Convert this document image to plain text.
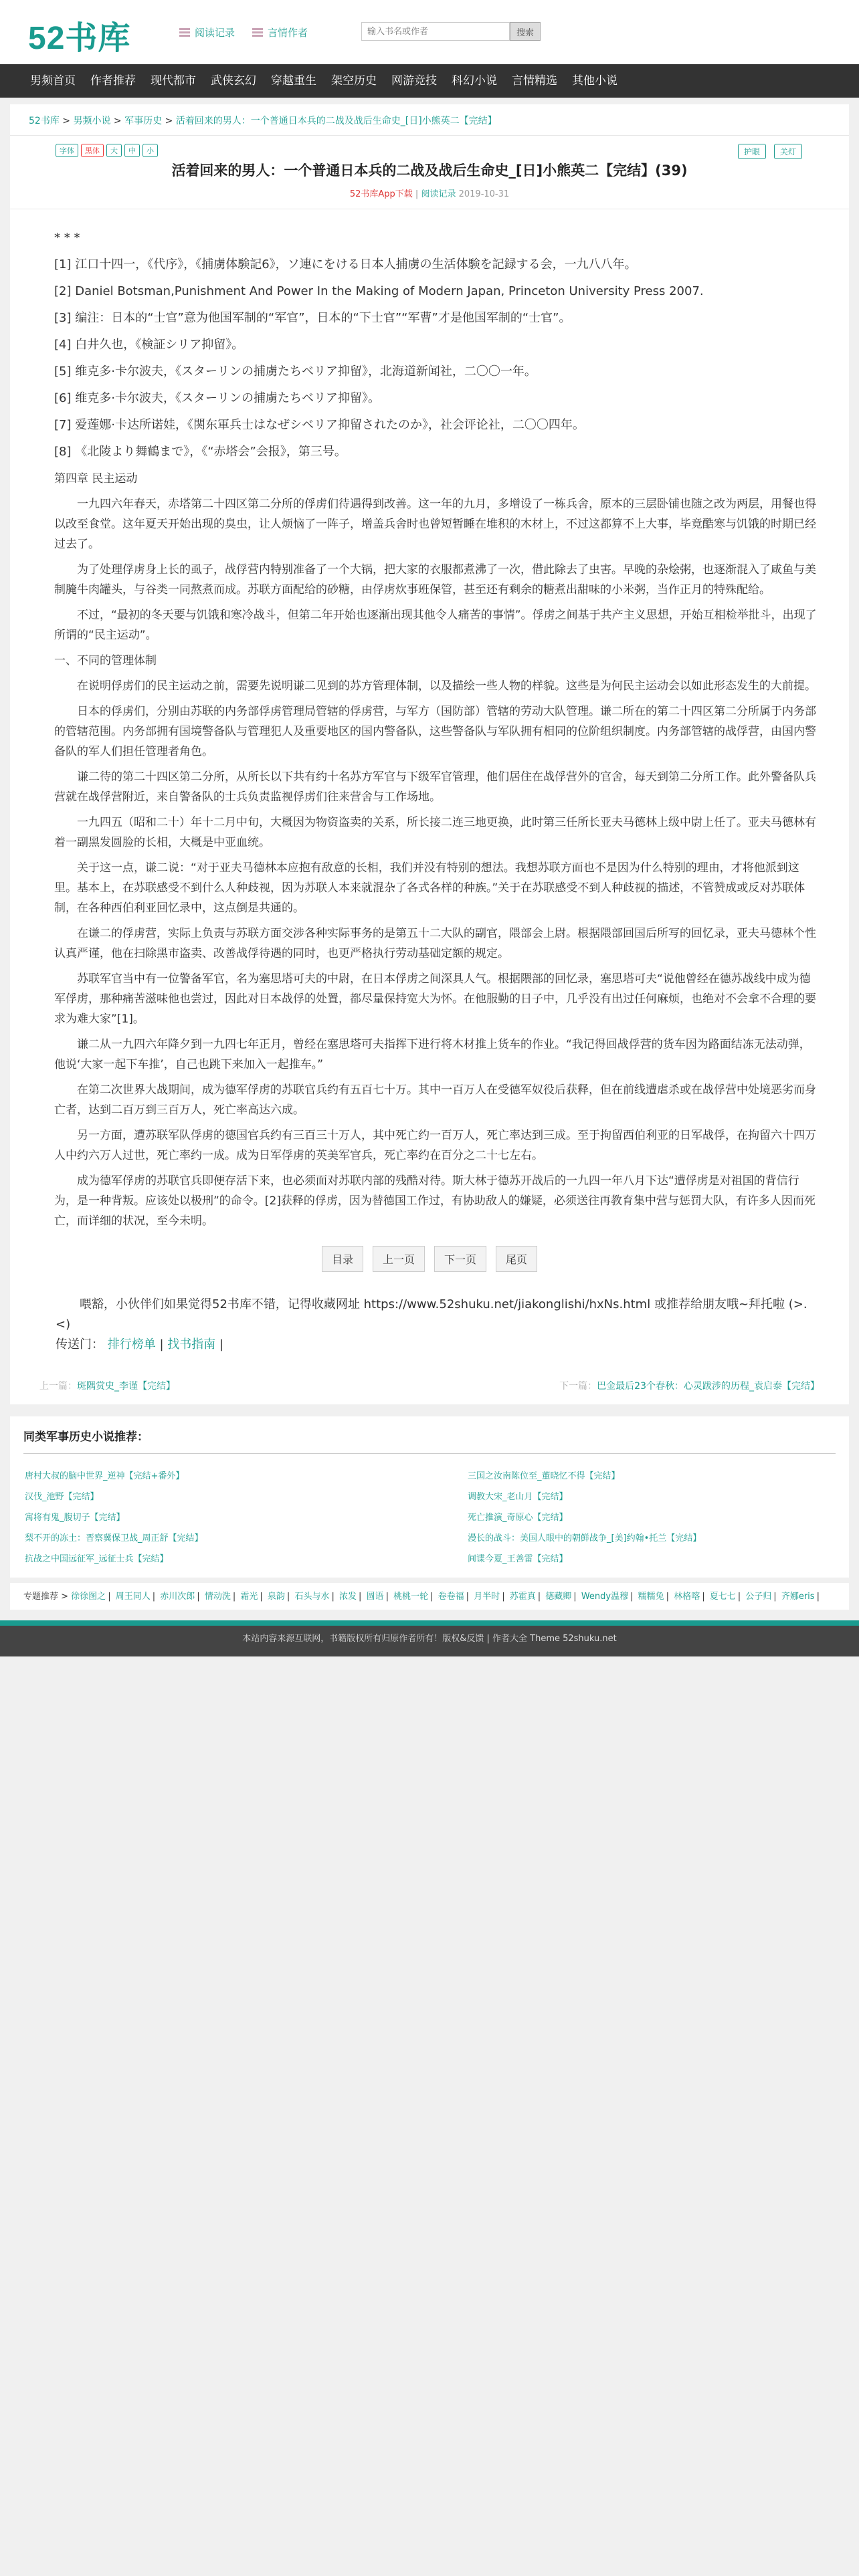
52书库	阅读记录	言情作者
输入书名或作者	搜索
男频首页	作者推荐	现代都市	武侠玄幻	穿越重生	架空历史	网游竞技	科幻小说	言情精选	其他小说
52书库 > 男频小说 > 军事历史 > 活着回来的男人：一个普通日本兵的二战及战后生命史_[日]小熊英二【完结】
字体	黑体	大	中	小	护眼	关灯
活着回来的男人：一个普通日本兵的二战及战后生命史_[日]小熊英二【完结】(39)
52书库App下载 | 阅读记录 2019-10-31

* * *

[1] 江口十四一，《代序》，《捕虜体験記6》，ソ連にをける日本人捕虜の生活体験を記録する会，一九八八年。

[2] Daniel Botsman,Punishment And Power In the Making of Modern Japan, Princeton University Press 2007.

[3] 编注：日本的“士官”意为他国军制的“军官”，日本的“下士官”“军曹”才是他国军制的“士官”。

[4] 白井久也，《検証シリア抑留》。

[5] 维克多·卡尔波夫，《スターリンの捕虜たちベリア抑留》，北海道新闻社，二〇〇一年。

[6] 维克多·卡尔波夫，《スターリンの捕虜たちベリア抑留》。

[7] 爱莲娜·卡达所诺娃，《関东軍兵士はなぜシベリア抑留されたのか》，社会评论社，二〇〇四年。

[8] 《北陵より舞鶴まで》，《“赤塔会”会报》，第三号。

第四章 民主运动

一九四六年春天，赤塔第二十四区第二分所的俘虏们待遇得到改善。这一年的九月，多增设了一栋兵舍，原本的三层卧铺也随之改为两层，用餐也得以改至食堂。这年夏天开始出现的臭虫，让人烦恼了一阵子，增盖兵舍时也曾短暂睡在堆积的木材上，不过这都算不上大事，毕竟酷寒与饥饿的时期已经过去了。

为了处理俘虏身上长的虱子，战俘营内特别准备了一个大锅，把大家的衣服都煮沸了一次，借此除去了虫害。早晚的杂烩粥，也逐渐混入了咸鱼与美制腌牛肉罐头，与谷类一同熬煮而成。苏联方面配给的砂糖，由俘虏炊事班保管，甚至还有剩余的糖煮出甜味的小米粥，当作正月的特殊配给。

不过，“最初的冬天要与饥饿和寒冷战斗，但第二年开始也逐渐出现其他令人痛苦的事情”。俘虏之间基于共产主义思想，开始互相检举批斗，出现了所谓的“民主运动”。

一、不同的管理体制

在说明俘虏们的民主运动之前，需要先说明谦二见到的苏方管理体制，以及描绘一些人物的样貌。这些是为何民主运动会以如此形态发生的大前提。

日本的俘虏们，分别由苏联的内务部俘虏管理局管辖的俘虏营，与军方（国防部）管辖的劳动大队管理。谦二所在的第二十四区第二分所属于内务部的管辖范围。内务部拥有国境警备队与管理犯人及重要地区的国内警备队，这些警备队与军队拥有相同的位阶组织制度。内务部管辖的战俘营，由国内警备队的军人们担任管理者角色。

谦二待的第二十四区第二分所，从所长以下共有约十名苏方军官与下级军官管理，他们居住在战俘营外的官舍，每天到第二分所工作。此外警备队兵营就在战俘营附近，来自警备队的士兵负责监视俘虏们往来营舍与工作场地。

一九四五（昭和二十）年十二月中旬，大概因为物资盗卖的关系，所长接二连三地更换，此时第三任所长亚夫马德林上级中尉上任了。亚夫马德林有着一副黑发圆脸的长相，大概是中亚血统。

关于这一点，谦二说：“对于亚夫马德林本应抱有敌意的长相，我们并没有特别的想法。我想苏联方面也不是因为什么特别的理由，才将他派到这里。基本上，在苏联感受不到什么人种歧视，因为苏联人本来就混杂了各式各样的种族。”关于在苏联感受不到人种歧视的描述，不管赞成或反对苏联体制，在各种西伯利亚回忆录中，这点倒是共通的。

在谦二的俘虏营，实际上负责与苏联方面交涉各种实际事务的是第五十二大队的副官，隈部会上尉。根据隈部回国后所写的回忆录，亚夫马德林个性认真严谨，他在扫除黑市盗卖、改善战俘待遇的同时，也更严格执行劳动基础定额的规定。

苏联军官当中有一位警备军官，名为塞思塔可夫的中尉，在日本俘虏之间深具人气。根据隈部的回忆录，塞思塔可夫“说他曾经在德苏战线中成为德军俘虏，那种痛苦滋味他也尝过，因此对日本战俘的处置，都尽量保持宽大为怀。在他服勤的日子中，几乎没有出过任何麻烦，也绝对不会拿不合理的要求为难大家”[1]。

谦二从一九四六年降夕到一九四七年正月，曾经在塞思塔可夫指挥下进行将木材推上货车的作业。“我记得回战俘营的货车因为路面结冻无法动弹，他说‘大家一起下车推’，自己也跳下来加入一起推车。”

在第二次世界大战期间，成为德军俘虏的苏联官兵约有五百七十万。其中一百万人在受德军奴役后获释，但在前线遭虐杀或在战俘营中处境恶劣而身亡者，达到二百万到三百万人，死亡率高达六成。

另一方面，遭苏联军队俘虏的德国官兵约有三百三十万人，其中死亡约一百万人，死亡率达到三成。至于拘留西伯利亚的日军战俘，在拘留六十四万人中约六万人过世，死亡率约一成。成为日军俘虏的英美军官兵，死亡率约在百分之二十七左右。

成为德军俘虏的苏联官兵即便存活下来，也必须面对苏联内部的残酷对待。斯大林于德苏开战后的一九四一年八月下达“遭俘虏是对祖国的背信行为，是一种背叛。应该处以极刑”的命令。[2]获释的俘虏，因为替德国工作过，有协助敌人的嫌疑，必须送往再教育集中营与惩罚大队，有许多人因而死亡，而详细的状况，至今未明。

目录	上一页	下一页	尾页

喂豁，小伙伴们如果觉得52书库不错，记得收藏网址 https://www.52shuku.net/jiakonglishi/hxNs.html 或推荐给朋友哦~拜托啦 (>.<)

传送门： 排行榜单 | 找书指南 |

上一篇：斑隅赏史_李谨【完结】	下一篇：巴金最后23个春秋：心灵跋涉的历程_袁启泰【完结】
同类军事历史小说推荐：
唐村大叔的脑中世界_逆神【完结+番外】	三国之汝南陈位至_董晓忆不得【完结】
汉伐_池野【完结】	调教大宋_老山月【完结】
寓将有鬼_腹切子【完结】	死亡推演_奇原心【完结】
梨不开的冻土：晋察冀保卫战_周正舒【完结】	漫长的战斗：美国人眼中的朝鲜战争_[美]约翰•托兰【完结】
抗战之中国远征军_远征士兵【完结】	间谍今夏_王善雷【完结】
专题推荐 > 徐徐图之 | 周王同人 | 赤川次郎 | 情动洗 | 霜光 | 泉韵 | 石头与水 | 浓发 | 圆语 | 桃桃一轮 | 卷卷福 | 月半时 | 苏霍真 | 德藏卿 | Wendy温穆 | 糯糯兔 | 林格喀 | 夏七七 | 公子归 | 齐娜eris |
本站内容来源互联网，书籍版权所有归原作者所有！版权&反馈 | 作者大全 Theme 52shuku.net
